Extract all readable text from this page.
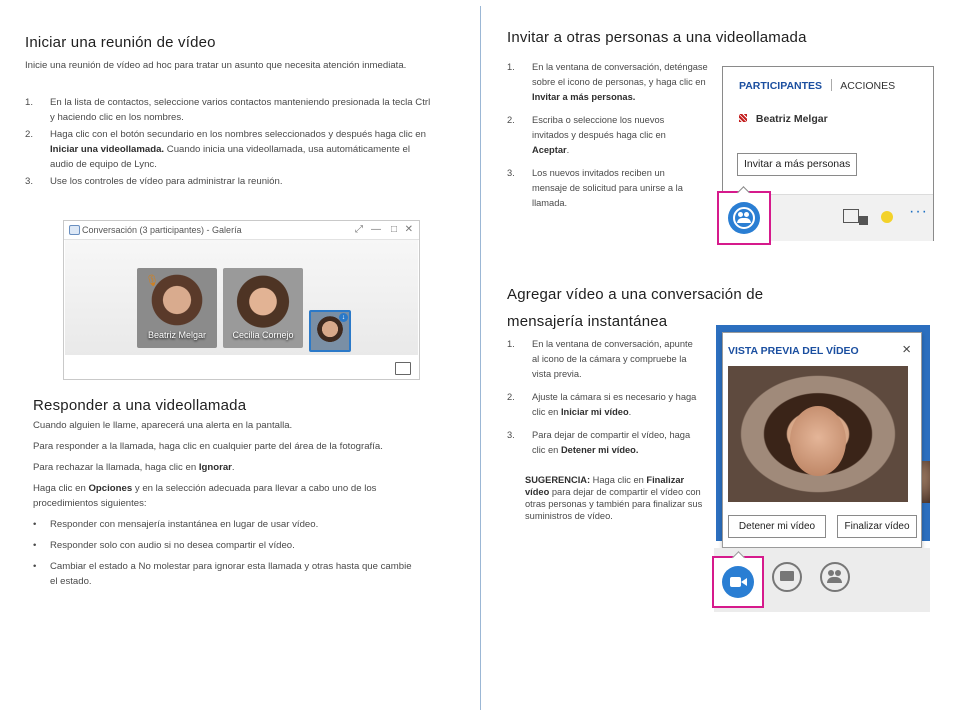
Iniciar una reunión de vídeo

Inicie una reunión de vídeo ad hoc para tratar un asunto que necesita atención inmediata.

1. En la lista de contactos, seleccione varios contactos manteniendo presionada la tecla Ctrl y haciendo clic en los nombres.
2. Haga clic con el botón secundario en los nombres seleccionados y después haga clic en Iniciar una videollamada. Cuando inicia una videollamada, usa automáticamente el audio de equipo de Lync.
3. Use los controles de vídeo para administrar la reunión.
Conversación (3 participantes) - Galería	⤢ — □ ✕
Beatriz Melgar
🎙
Cecilia Cornejo
↓
Responder a una videollamada

Cuando alguien le llame, aparecerá una alerta en la pantalla.

Para responder a la llamada, haga clic en cualquier parte del área de la fotografía.

Para rechazar la llamada, haga clic en Ignorar.

Haga clic en Opciones y en la selección adecuada para llevar a cabo uno de los procedimientos siguientes:

• Responder con mensajería instantánea en lugar de usar vídeo.
• Responder solo con audio si no desea compartir el vídeo.
• Cambiar el estado a No molestar para ignorar esta llamada y otras hasta que cambie el estado.
Invitar a otras personas a una videollamada
1. En la ventana de conversación, deténgase sobre el icono de personas, y haga clic en Invitar a más personas.
2. Escriba o seleccione los nuevos invitados y después haga clic en Aceptar.
3. Los nuevos invitados reciben un mensaje de solicitud para unirse a la llamada.
PARTICIPANTES ACCIONES
Beatriz Melgar
Invitar a más personas
···
Agregar vídeo a una conversación de
mensajería instantánea
1. En la ventana de conversación, apunte al icono de la cámara y compruebe la vista previa.
2. Ajuste la cámara si es necesario y haga clic en Iniciar mi vídeo.
3. Para dejar de compartir el vídeo, haga clic en Detener mi vídeo.

SUGERENCIA: Haga clic en Finalizar vídeo para dejar de compartir el vídeo con otras personas y también para finalizar sus suministros de vídeo.

VISTA PREVIA DEL VÍDEO	×
Detener mi vídeo	Finalizar vídeo
